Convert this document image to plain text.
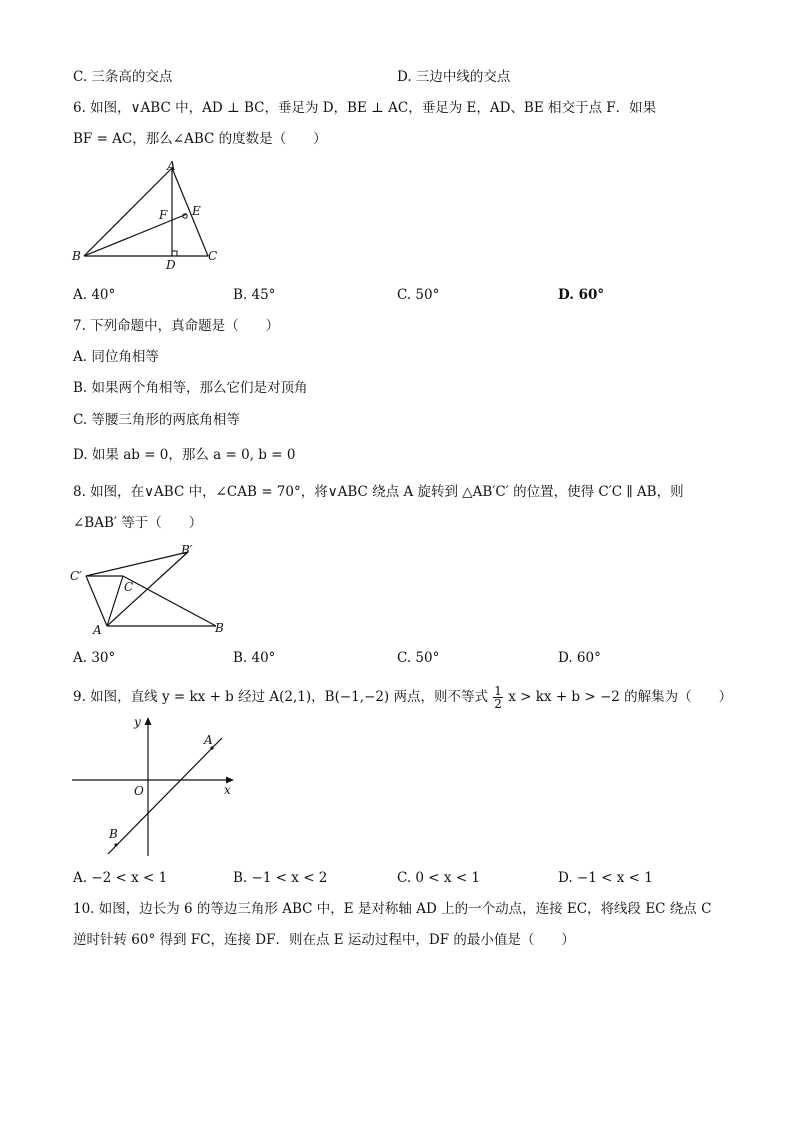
C. 三条高的交点	D. 三边中线的交点
6. 如图，∨ABC 中，AD ⊥ BC，垂足为 D，BE ⊥ AC，垂足为 E，AD、BE 相交于点 F．如果
BF = AC，那么∠ABC 的度数是（　　）
A
B	C
D
E
F
A. 40°	B. 45°	C. 50°	D. 60°
7. 下列命题中，真命题是（　　）
A. 同位角相等
B. 如果两个角相等，那么它们是对顶角
C. 等腰三角形的两底角相等
D. 如果 ab = 0，那么 a = 0, b = 0
8. 如图，在∨ABC 中，∠CAB = 70°，将∨ABC 绕点 A 旋转到 △AB′C′ 的位置，使得 C′C ∥ AB，则
∠BAB′ 等于（　　）
B′
C′
C
A	B
A. 30°	B. 40°	C. 50°	D. 60°
9. 如图，直线 y = kx + b 经过 A(2,1)，B(−1,−2) 两点，则不等式 $\frac{1}{2}$ x > kx + b > −2 的解集为（　　）
y
x
O
A
B
A. −2 < x < 1	B. −1 < x < 2	C. 0 < x < 1	D. −1 < x < 1
10. 如图，边长为 6 的等边三角形 ABC 中，E 是对称轴 AD 上的一个动点，连接 EC，将线段 EC 绕点 C
逆时针转 60° 得到 FC，连接 DF．则在点 E 运动过程中，DF 的最小值是（　　）
